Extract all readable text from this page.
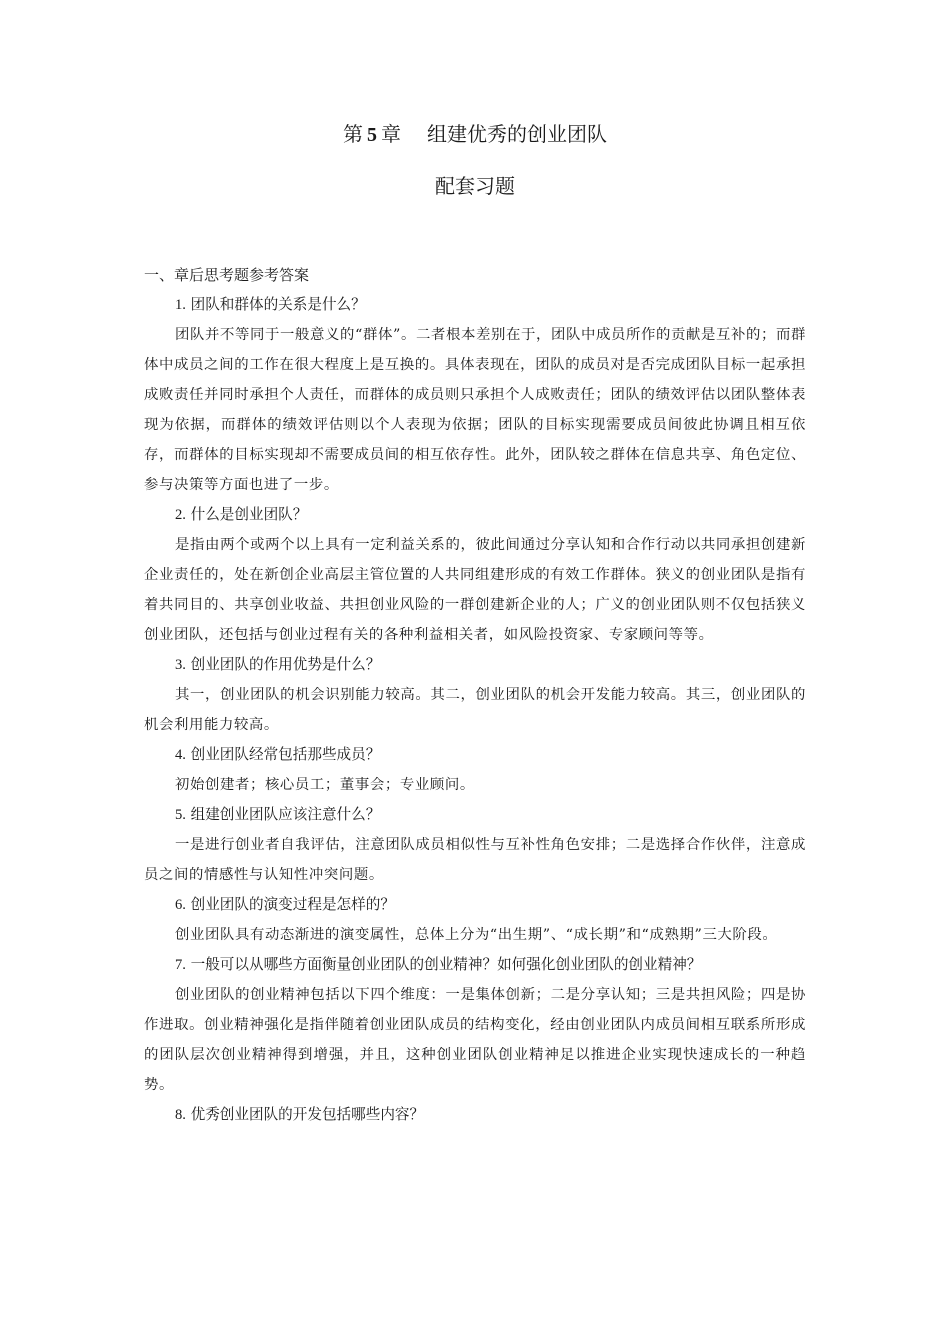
第 5 章 组建优秀的创业团队
配套习题
一、章后思考题参考答案
1. 团队和群体的关系是什么？
团队并不等同于一般意义的“群体”。二者根本差别在于，团队中成员所作的贡献是互补的；而群体中成员之间的工作在很大程度上是互换的。具体表现在，团队的成员对是否完成团队目标一起承担成败责任并同时承担个人责任，而群体的成员则只承担个人成败责任；团队的绩效评估以团队整体表现为依据，而群体的绩效评估则以个人表现为依据；团队的目标实现需要成员间彼此协调且相互依存，而群体的目标实现却不需要成员间的相互依存性。此外，团队较之群体在信息共享、角色定位、参与决策等方面也进了一步。
2. 什么是创业团队？
是指由两个或两个以上具有一定利益关系的，彼此间通过分享认知和合作行动以共同承担创建新企业责任的，处在新创企业高层主管位置的人共同组建形成的有效工作群体。狭义的创业团队是指有着共同目的、共享创业收益、共担创业风险的一群创建新企业的人；广义的创业团队则不仅包括狭义创业团队，还包括与创业过程有关的各种利益相关者，如风险投资家、专家顾问等等。
3. 创业团队的作用优势是什么？
其一，创业团队的机会识别能力较高。其二，创业团队的机会开发能力较高。其三，创业团队的机会利用能力较高。
4. 创业团队经常包括那些成员？
初始创建者；核心员工；董事会；专业顾问。
5. 组建创业团队应该注意什么？
一是进行创业者自我评估，注意团队成员相似性与互补性角色安排；二是选择合作伙伴，注意成员之间的情感性与认知性冲突问题。
6. 创业团队的演变过程是怎样的？
创业团队具有动态渐进的演变属性，总体上分为“出生期”、“成长期”和“成熟期”三大阶段。
7. 一般可以从哪些方面衡量创业团队的创业精神？如何强化创业团队的创业精神？
创业团队的创业精神包括以下四个维度：一是集体创新；二是分享认知；三是共担风险；四是协作进取。创业精神强化是指伴随着创业团队成员的结构变化，经由创业团队内成员间相互联系所形成的团队层次创业精神得到增强，并且，这种创业团队创业精神足以推进企业实现快速成长的一种趋势。
8. 优秀创业团队的开发包括哪些内容？
